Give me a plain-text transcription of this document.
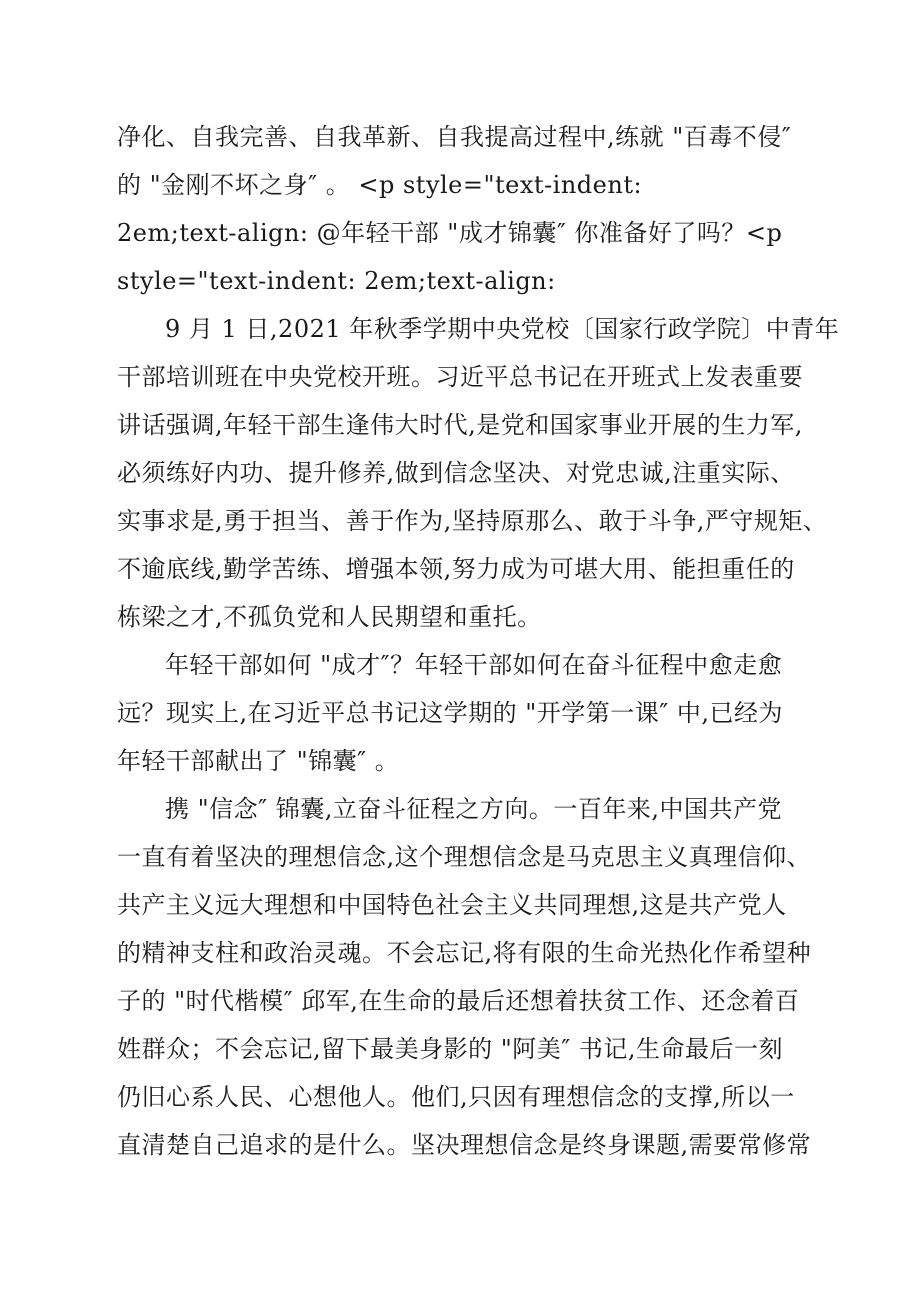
净化、自我完善、自我革新、自我提高过程中,练就 "百毒不侵″
的 "金刚不坏之身″ 。 <p style="text-indent:
2em;text-align: @年轻干部 "成才锦囊″ 你准备好了吗？<p
style="text-indent: 2em;text-align:
9 月 1 日,2021 年秋季学期中央党校〔国家行政学院〕中青年
干部培训班在中央党校开班。习近平总书记在开班式上发表重要
讲话强调,年轻干部生逢伟大时代,是党和国家事业开展的生力军,
必须练好内功、提升修养,做到信念坚决、对党忠诚,注重实际、
实事求是,勇于担当、善于作为,坚持原那么、敢于斗争,严守规矩、
不逾底线,勤学苦练、增强本领,努力成为可堪大用、能担重任的
栋梁之才,不孤负党和人民期望和重托。
年轻干部如何 "成才″？年轻干部如何在奋斗征程中愈走愈
远？现实上,在习近平总书记这学期的 "开学第一课″ 中,已经为
年轻干部献出了 "锦囊″ 。
携 "信念″ 锦囊,立奋斗征程之方向。一百年来,中国共产党
一直有着坚决的理想信念,这个理想信念是马克思主义真理信仰、
共产主义远大理想和中国特色社会主义共同理想,这是共产党人
的精神支柱和政治灵魂。不会忘记,将有限的生命光热化作希望种
子的 "时代楷模″ 邱军,在生命的最后还想着扶贫工作、还念着百
姓群众；不会忘记,留下最美身影的 "阿美″ 书记,生命最后一刻
仍旧心系人民、心想他人。他们,只因有理想信念的支撑,所以一
直清楚自己追求的是什么。坚决理想信念是终身课题,需要常修常
